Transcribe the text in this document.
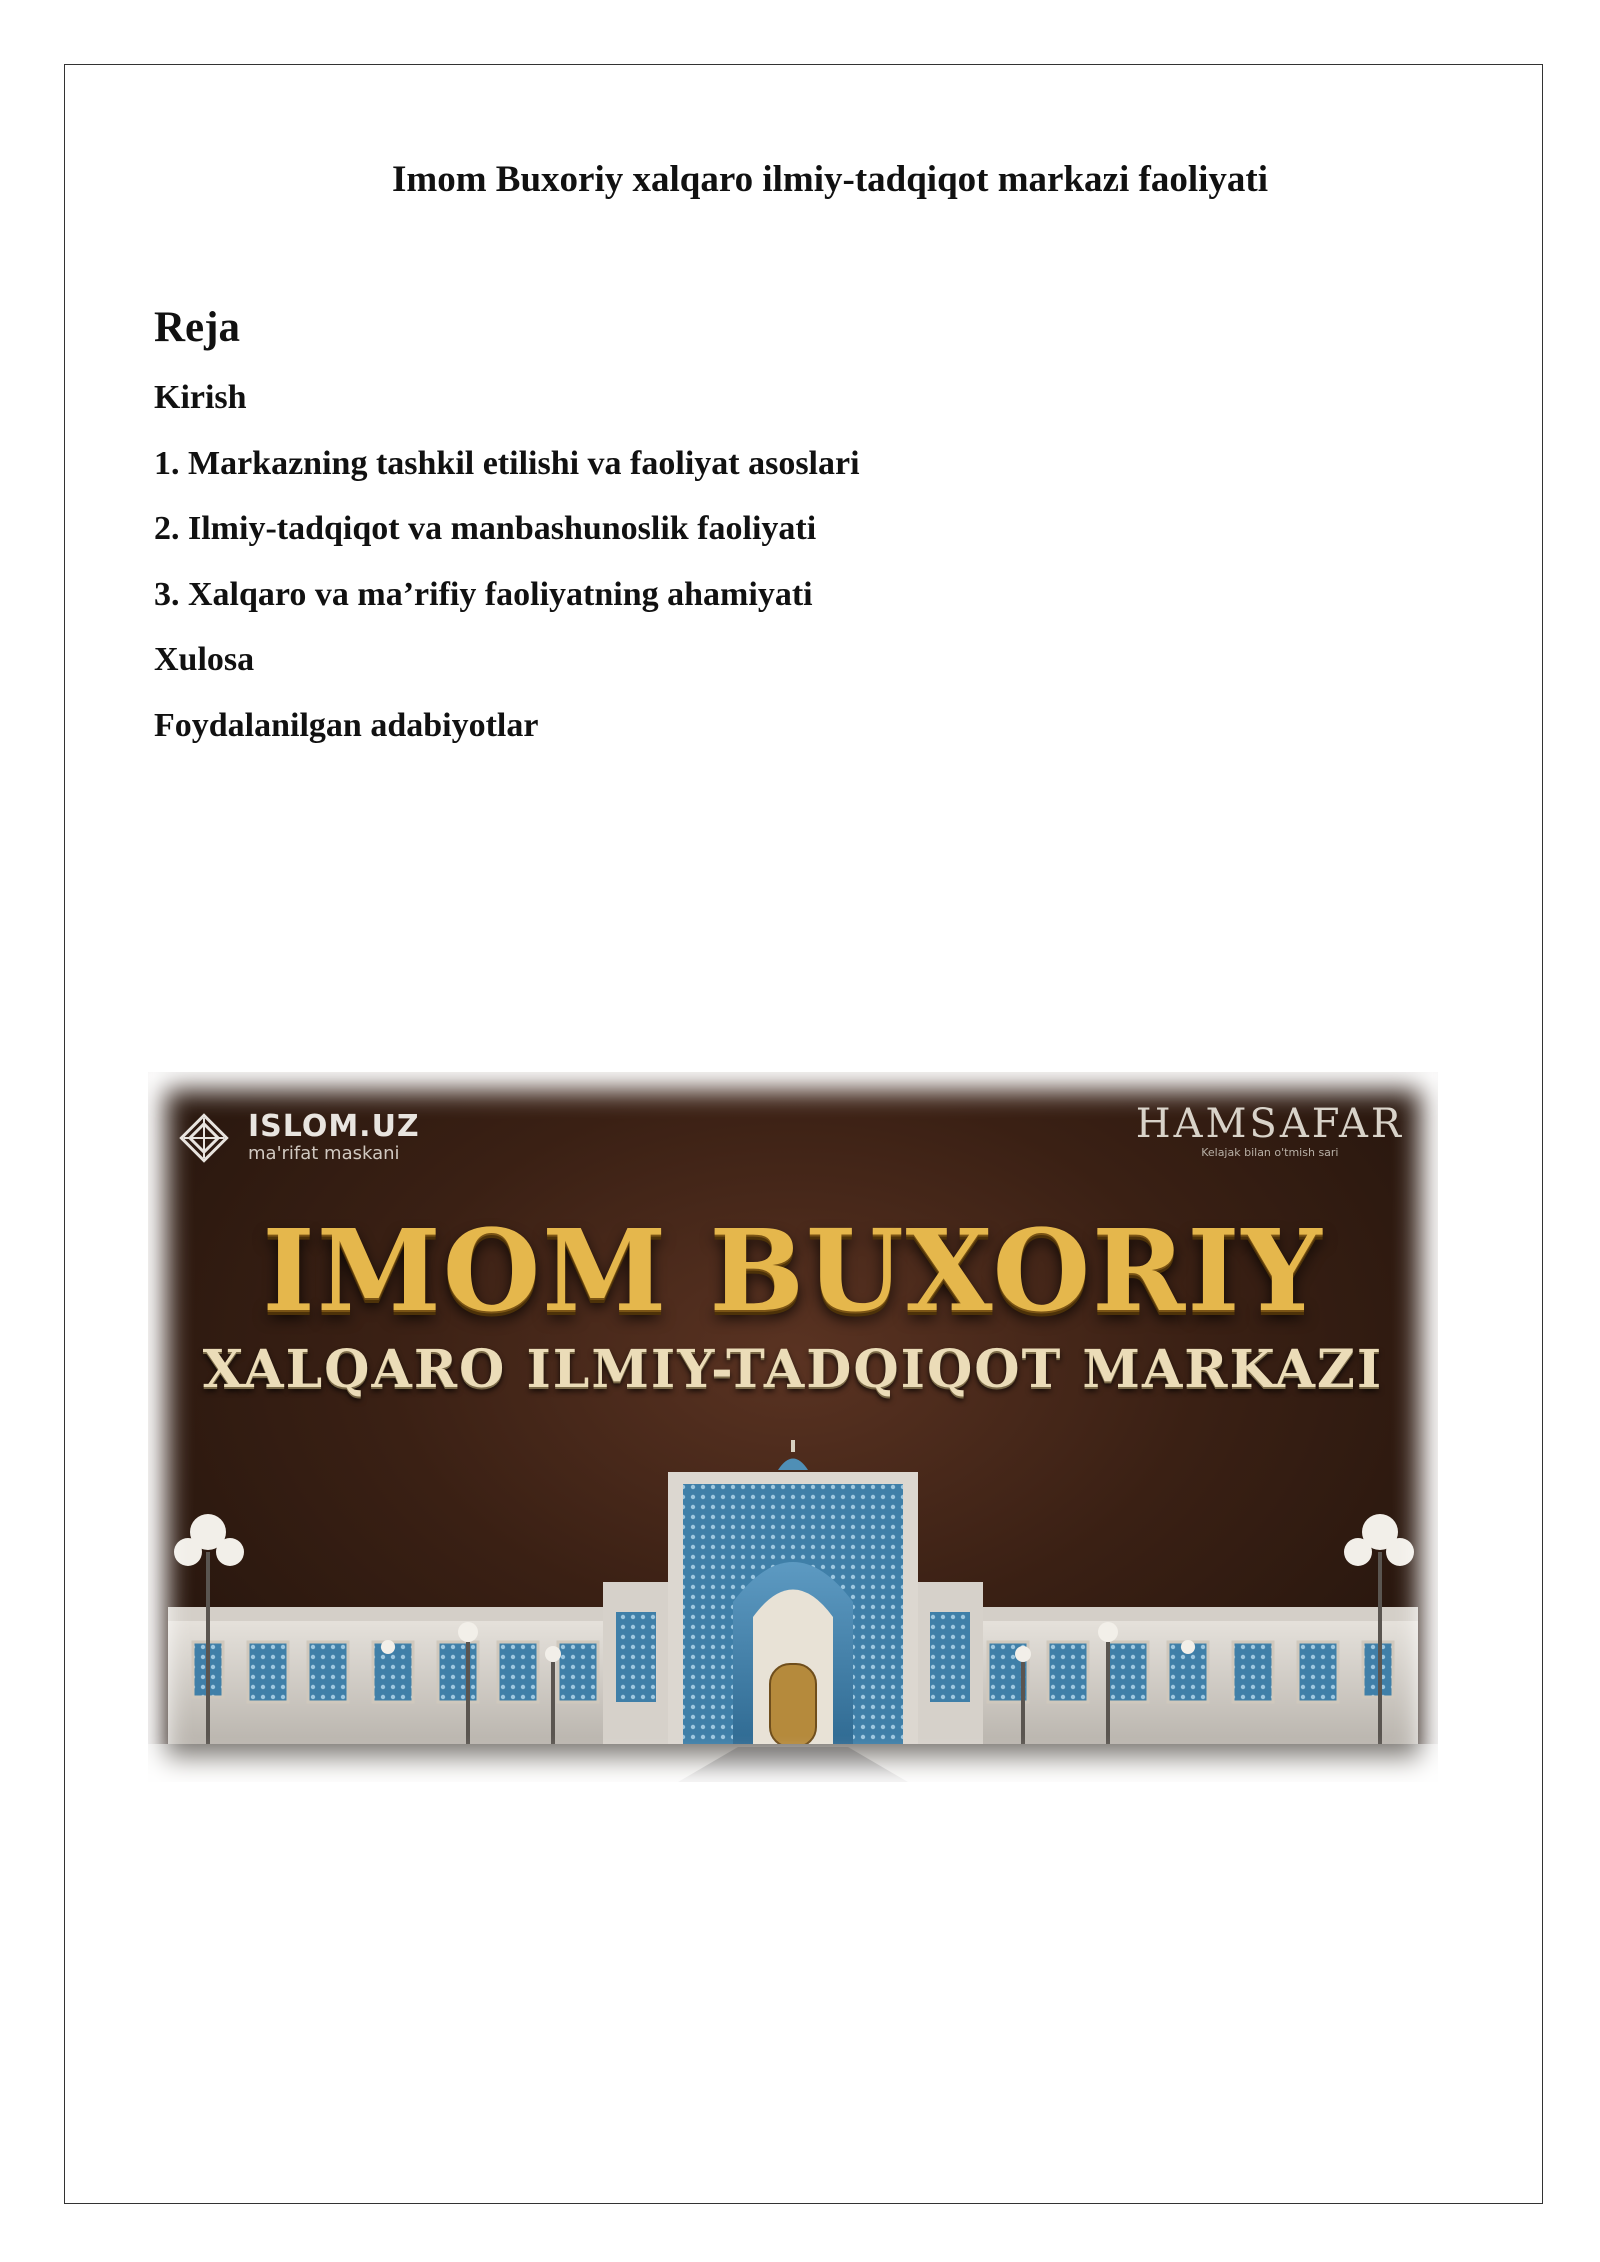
Imom Buxoriy xalqaro ilmiy-tadqiqot markazi faoliyati
Reja
Kirish
1. Markazning tashkil etilishi va faoliyat asoslari
2. Ilmiy-tadqiqot va manbashunoslik faoliyati
3. Xalqaro va ma’rifiy faoliyatning ahamiyati
Xulosa
Foydalanilgan adabiyotlar
ISLOM.UZ
ma'rifat maskani
HAMSAFAR
Kelajak bilan o'tmish sari
IMOM BUXORIY
XALQARO ILMIY-TADQIQOT MARKAZI
